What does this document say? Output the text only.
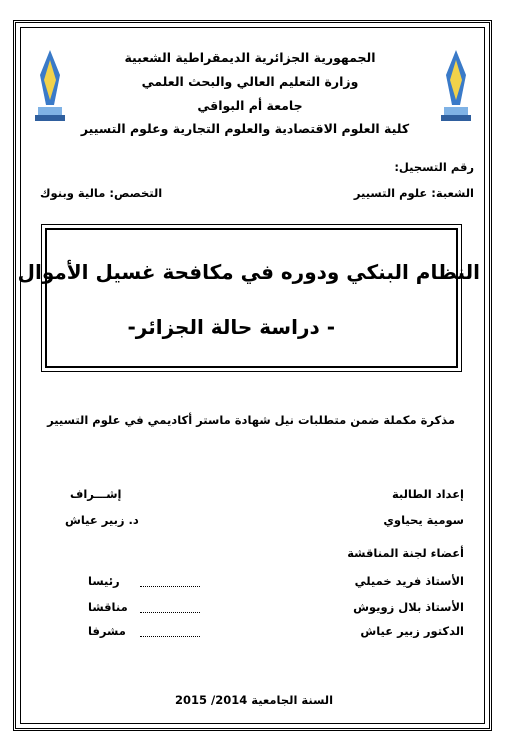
الجمهورية الجزائرية الديمقراطية الشعبية
وزارة التعليم العالي والبحث العلمي
جامعة أم البواقي
كلية العلوم الاقتصادية والعلوم التجارية وعلوم التسيير
رقم التسجيل:
الشعبة: علوم التسيير
التخصص: مالية وبنوك
النظام البنكي ودوره في مكافحة غسيل الأموال
- دراسة حالة الجزائر-
مذكرة مكملة ضمن متطلبات نيل شهادة ماستر أكاديمي في علوم التسيير
إعداد الطالبة
سومية يحياوي
إشـــراف
د. زبير عياش
أعضاء لجنة المناقشة
الأستاذ فريد خميلي
رئيسا
الأستاذ بلال زويوش
مناقشا
الدكتور زبير عياش
مشرفا
السنة الجامعية 2014/ 2015
